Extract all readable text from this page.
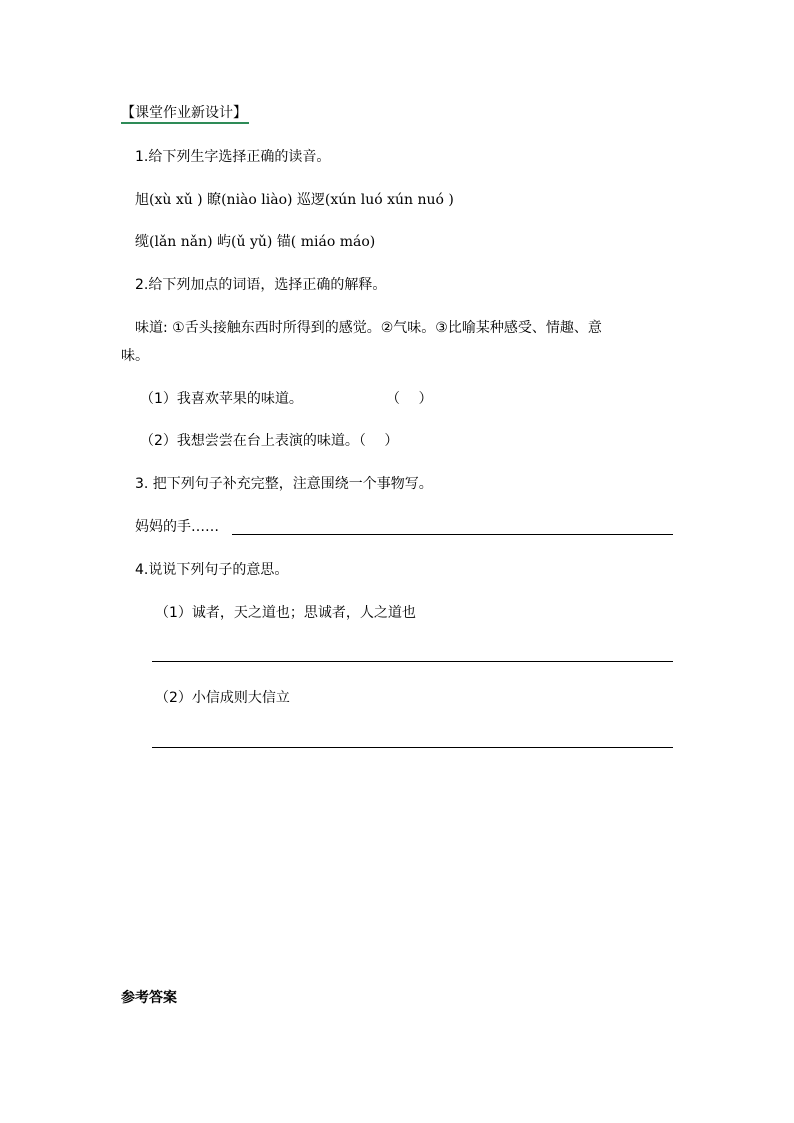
【课堂作业新设计】
1.给下列生字选择正确的读音。
旭(xù xǔ ) 瞭(niào liào) 巡逻(xún luó xún nuó )
缆(lǎn nǎn) 屿(ǔ yǔ) 锚( miáo máo)
2.给下列加点的词语，选择正确的解释。
味道: ①舌头接触东西时所得到的感觉。②气味。③比喻某种感受、情趣、意
味。
（1）我喜欢苹果的味道。	（　 ）
（2）我想尝尝在台上表演的味道。（　 ）
3. 把下列句子补充完整，注意围绕一个事物写。
妈妈的手……
4.说说下列句子的意思。
（1）诚者，天之道也；思诚者，人之道也
（2）小信成则大信立
参考答案
